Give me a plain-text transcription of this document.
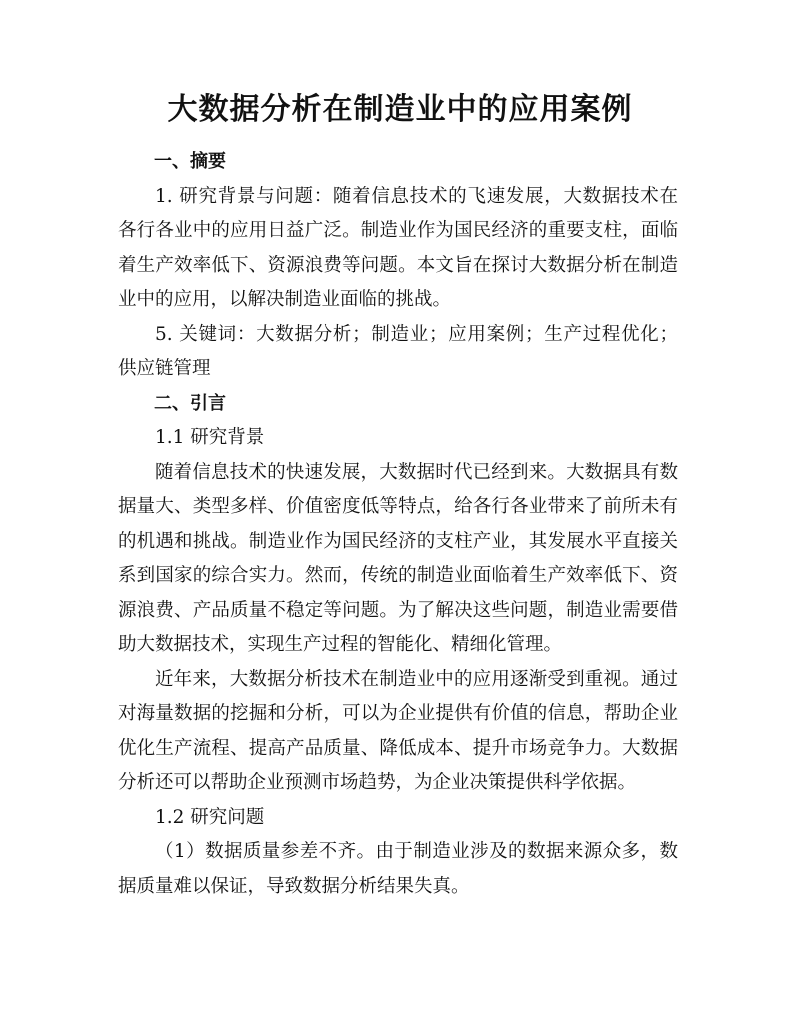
大数据分析在制造业中的应用案例

一、摘要

1. 研究背景与问题：随着信息技术的飞速发展，大数据技术在各行各业中的应用日益广泛。制造业作为国民经济的重要支柱，面临着生产效率低下、资源浪费等问题。本文旨在探讨大数据分析在制造业中的应用，以解决制造业面临的挑战。

5. 关键词：大数据分析；制造业；应用案例；生产过程优化；供应链管理

二、引言

1.1 研究背景

随着信息技术的快速发展，大数据时代已经到来。大数据具有数据量大、类型多样、价值密度低等特点，给各行各业带来了前所未有的机遇和挑战。制造业作为国民经济的支柱产业，其发展水平直接关系到国家的综合实力。然而，传统的制造业面临着生产效率低下、资源浪费、产品质量不稳定等问题。为了解决这些问题，制造业需要借助大数据技术，实现生产过程的智能化、精细化管理。

近年来，大数据分析技术在制造业中的应用逐渐受到重视。通过对海量数据的挖掘和分析，可以为企业提供有价值的信息，帮助企业优化生产流程、提高产品质量、降低成本、提升市场竞争力。大数据分析还可以帮助企业预测市场趋势，为企业决策提供科学依据。

1.2 研究问题

（1）数据质量参差不齐。由于制造业涉及的数据来源众多，数据质量难以保证，导致数据分析结果失真。
